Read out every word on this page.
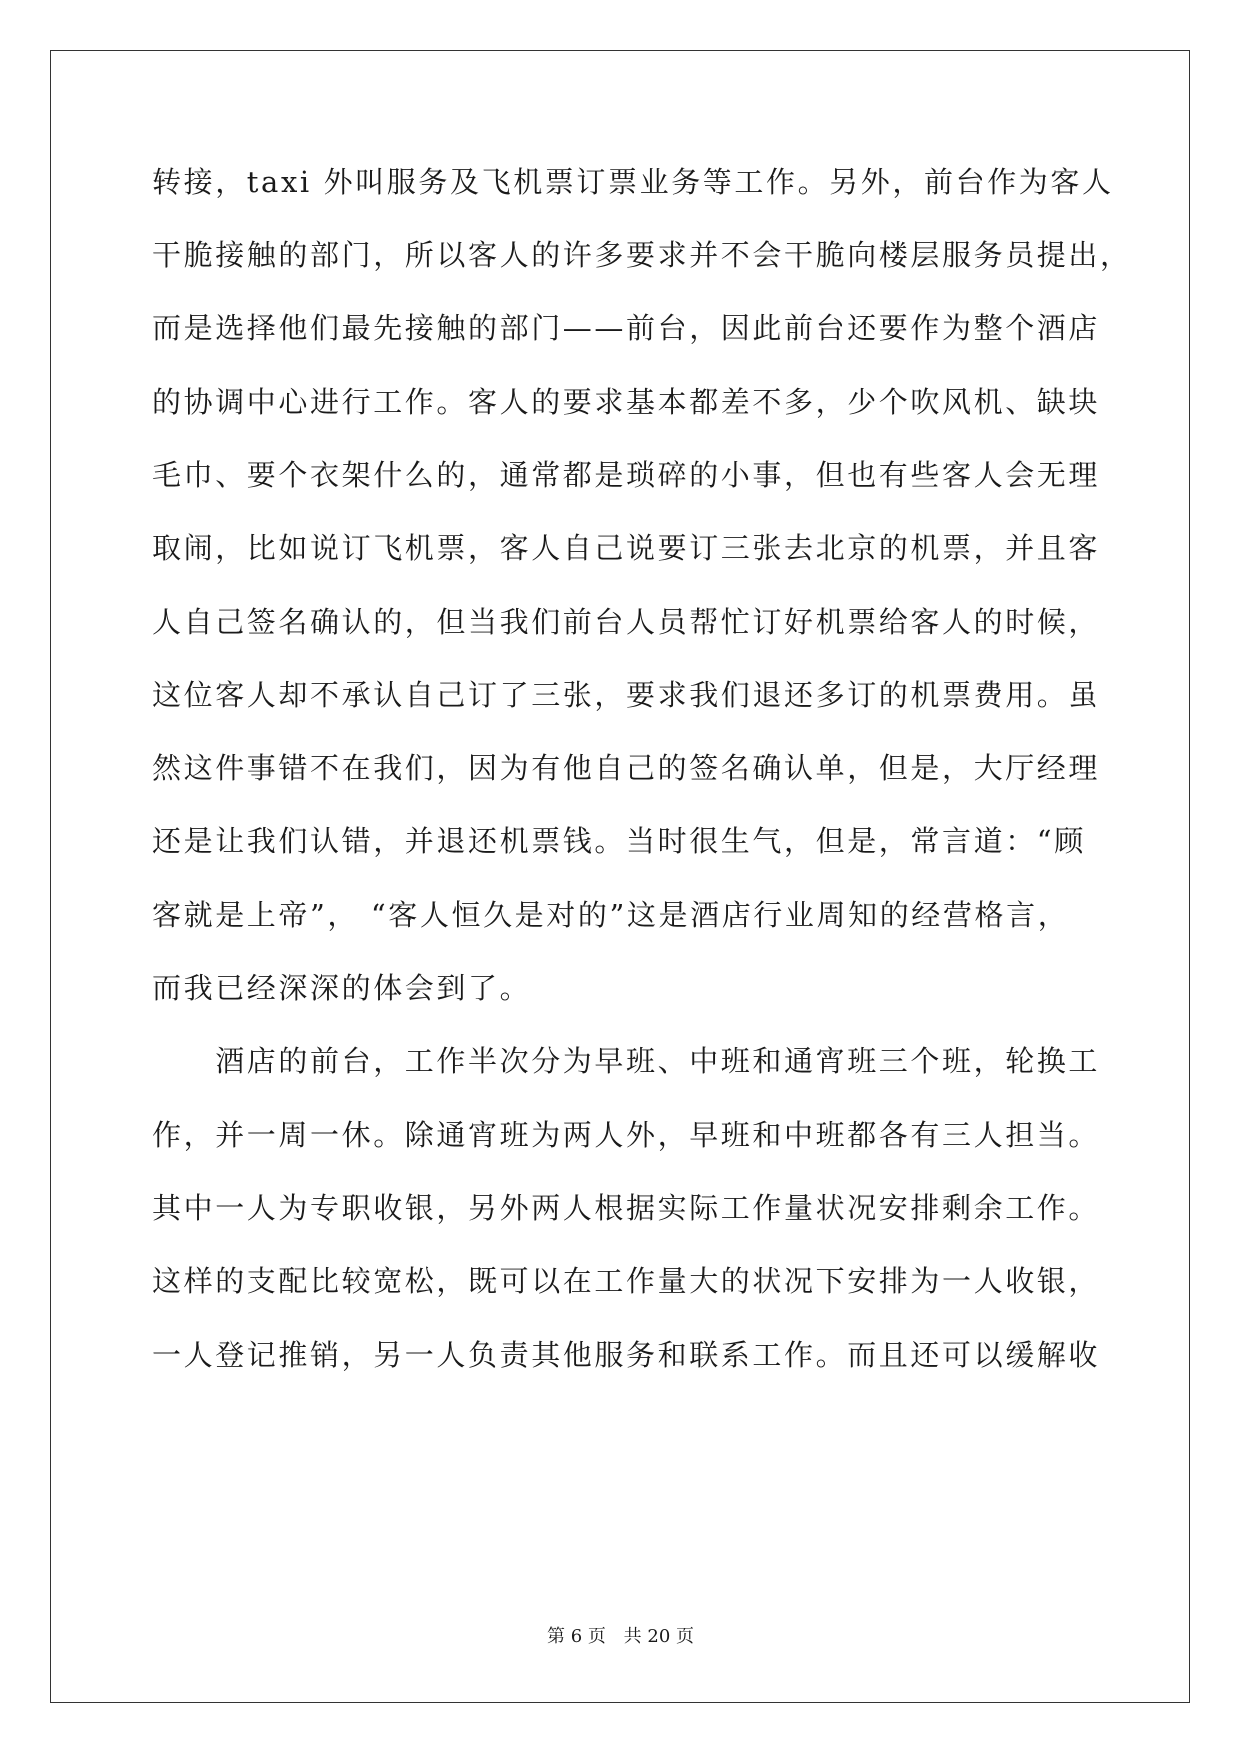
转接，taxi 外叫服务及飞机票订票业务等工作。另外，前台作为客人
干脆接触的部门，所以客人的许多要求并不会干脆向楼层服务员提出，
而是选择他们最先接触的部门——前台，因此前台还要作为整个酒店
的协调中心进行工作。客人的要求基本都差不多，少个吹风机、缺块
毛巾、要个衣架什么的，通常都是琐碎的小事，但也有些客人会无理
取闹，比如说订飞机票，客人自己说要订三张去北京的机票，并且客
人自己签名确认的，但当我们前台人员帮忙订好机票给客人的时候，
这位客人却不承认自己订了三张，要求我们退还多订的机票费用。虽
然这件事错不在我们，因为有他自己的签名确认单，但是，大厅经理
还是让我们认错，并退还机票钱。当时很生气，但是，常言道：“顾
客就是上帝”， “客人恒久是对的”这是酒店行业周知的经营格言，
而我已经深深的体会到了。
　　酒店的前台，工作半次分为早班、中班和通宵班三个班，轮换工
作，并一周一休。除通宵班为两人外，早班和中班都各有三人担当。
其中一人为专职收银，另外两人根据实际工作量状况安排剩余工作。
这样的支配比较宽松，既可以在工作量大的状况下安排为一人收银，
一人登记推销，另一人负责其他服务和联系工作。而且还可以缓解收
第 6 页 共 20 页
